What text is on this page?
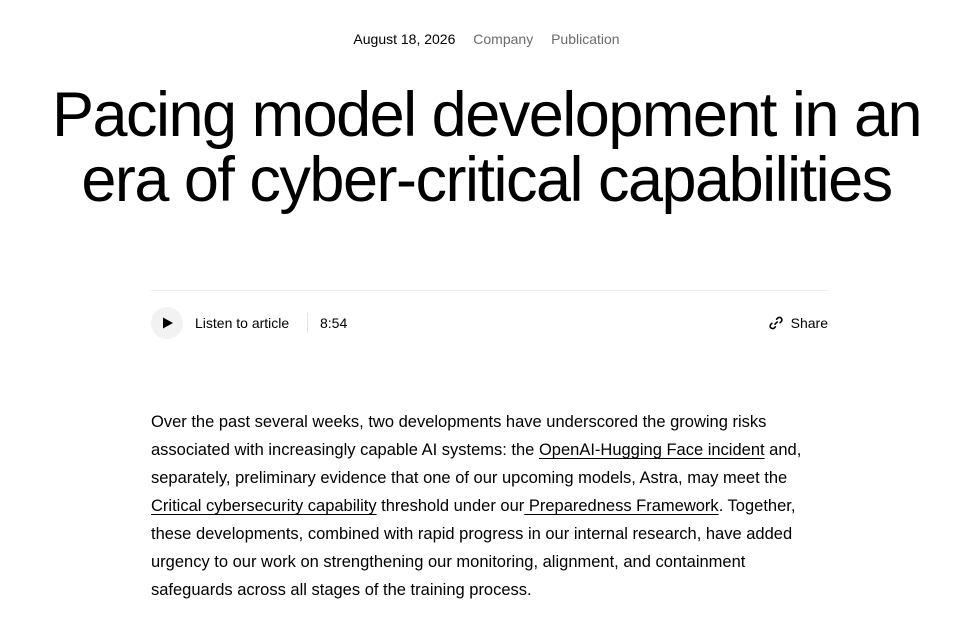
August 18, 2026 Company Publication
Pacing model development in an
era of cyber-critical capabilities
Listen to article 8:54	Share

Over the past several weeks, two developments have underscored the growing risks associated with increasingly capable AI systems: the OpenAI-Hugging Face incident and, separately, preliminary evidence that one of our upcoming models, Astra, may meet the Critical cybersecurity capability threshold under our Preparedness Framework. Together, these developments, combined with rapid progress in our internal research, have added urgency to our work on strengthening our monitoring, alignment, and containment safeguards across all stages of the training process.
